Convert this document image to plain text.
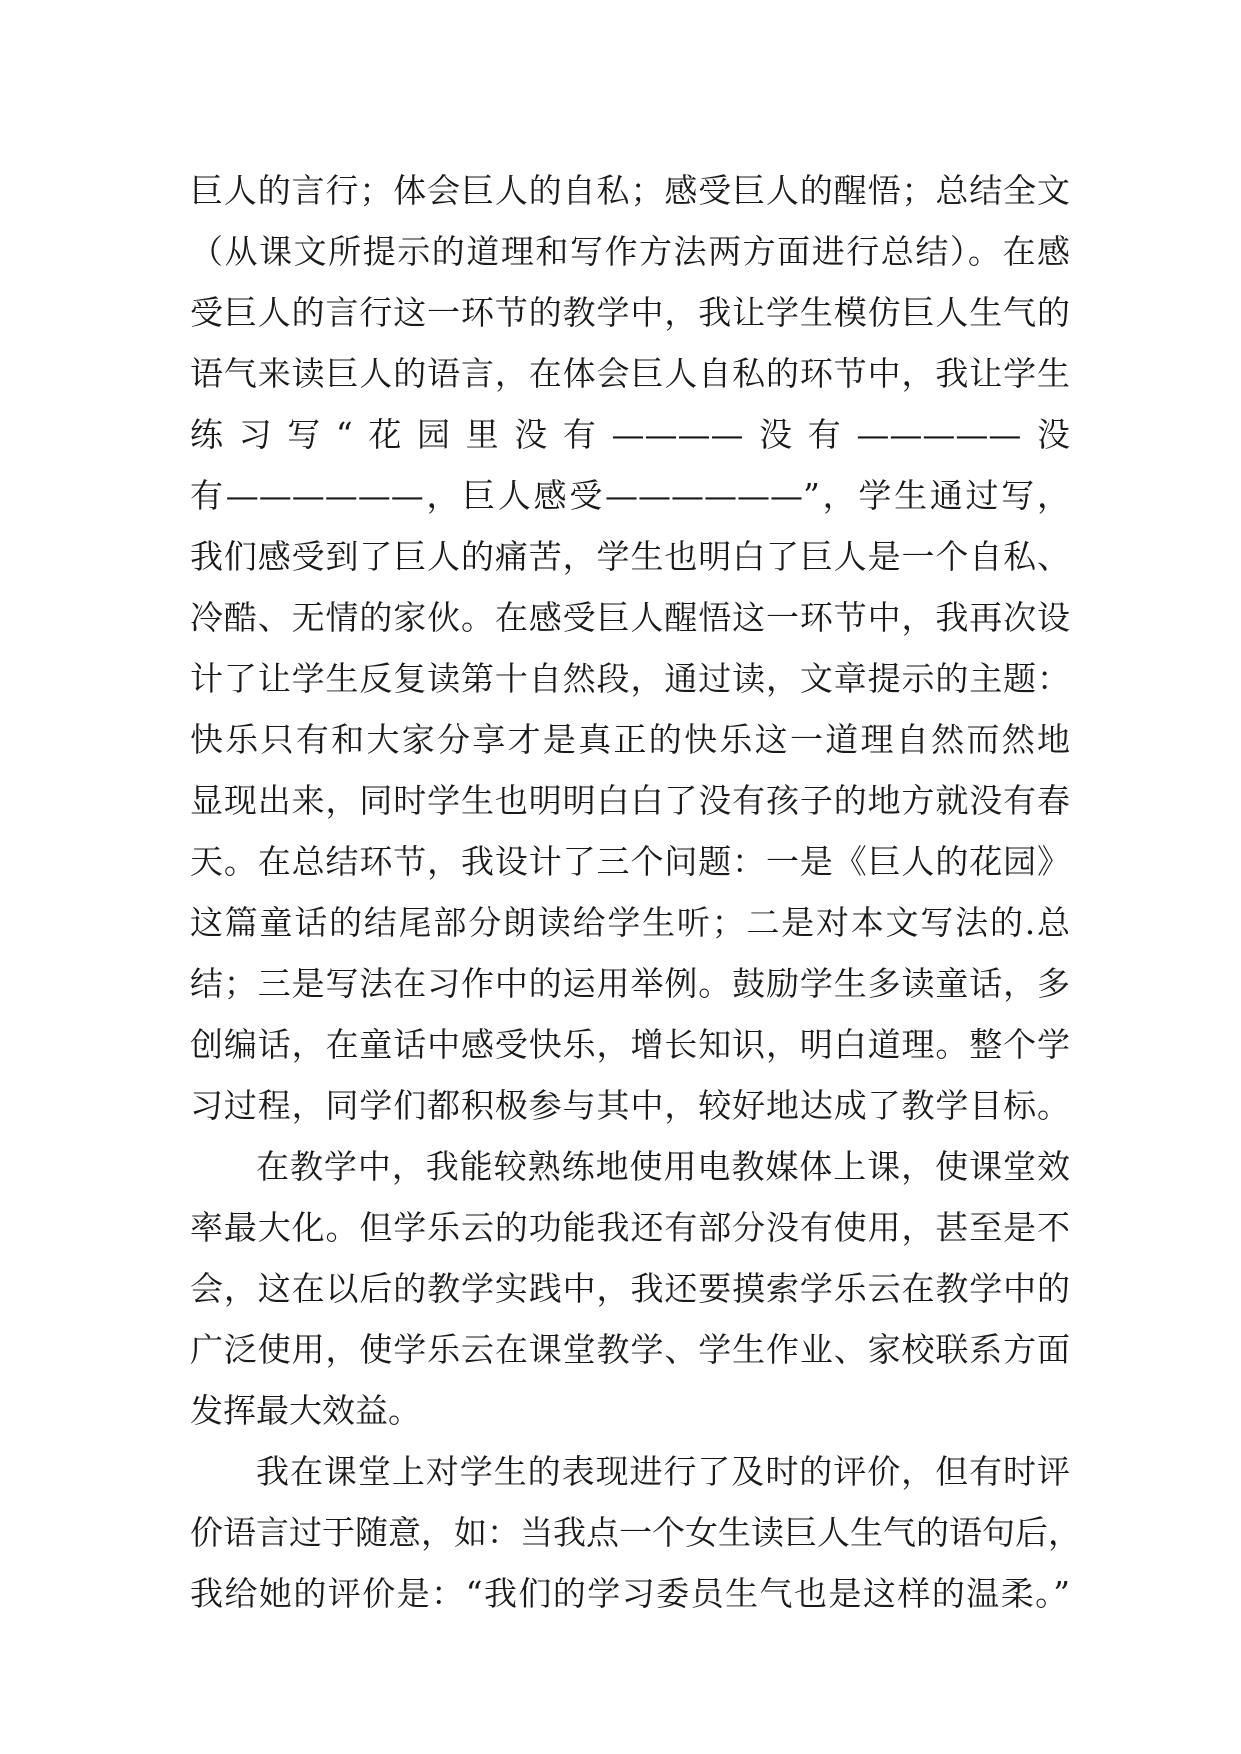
巨人的言行；体会巨人的自私；感受巨人的醒悟；总结全文
（从课文所提示的道理和写作方法两方面进行总结）。在感
受巨人的言行这一环节的教学中，我让学生模仿巨人生气的
语气来读巨人的语言，在体会巨人自私的环节中，我让学生
练习写“花园里没有————没有—————没
有——————，巨人感受——————”，学生通过写，
我们感受到了巨人的痛苦，学生也明白了巨人是一个自私、
冷酷、无情的家伙。在感受巨人醒悟这一环节中，我再次设
计了让学生反复读第十自然段，通过读，文章提示的主题：
快乐只有和大家分享才是真正的快乐这一道理自然而然地
显现出来，同时学生也明明白白了没有孩子的地方就没有春
天。在总结环节，我设计了三个问题：一是《巨人的花园》
这篇童话的结尾部分朗读给学生听；二是对本文写法的.总
结；三是写法在习作中的运用举例。鼓励学生多读童话，多
创编话，在童话中感受快乐，增长知识，明白道理。整个学
习过程，同学们都积极参与其中，较好地达成了教学目标。
在教学中，我能较熟练地使用电教媒体上课，使课堂效
率最大化。但学乐云的功能我还有部分没有使用，甚至是不
会，这在以后的教学实践中，我还要摸索学乐云在教学中的
广泛使用，使学乐云在课堂教学、学生作业、家校联系方面
发挥最大效益。
我在课堂上对学生的表现进行了及时的评价，但有时评
价语言过于随意，如：当我点一个女生读巨人生气的语句后，
我给她的评价是：“我们的学习委员生气也是这样的温柔。”
